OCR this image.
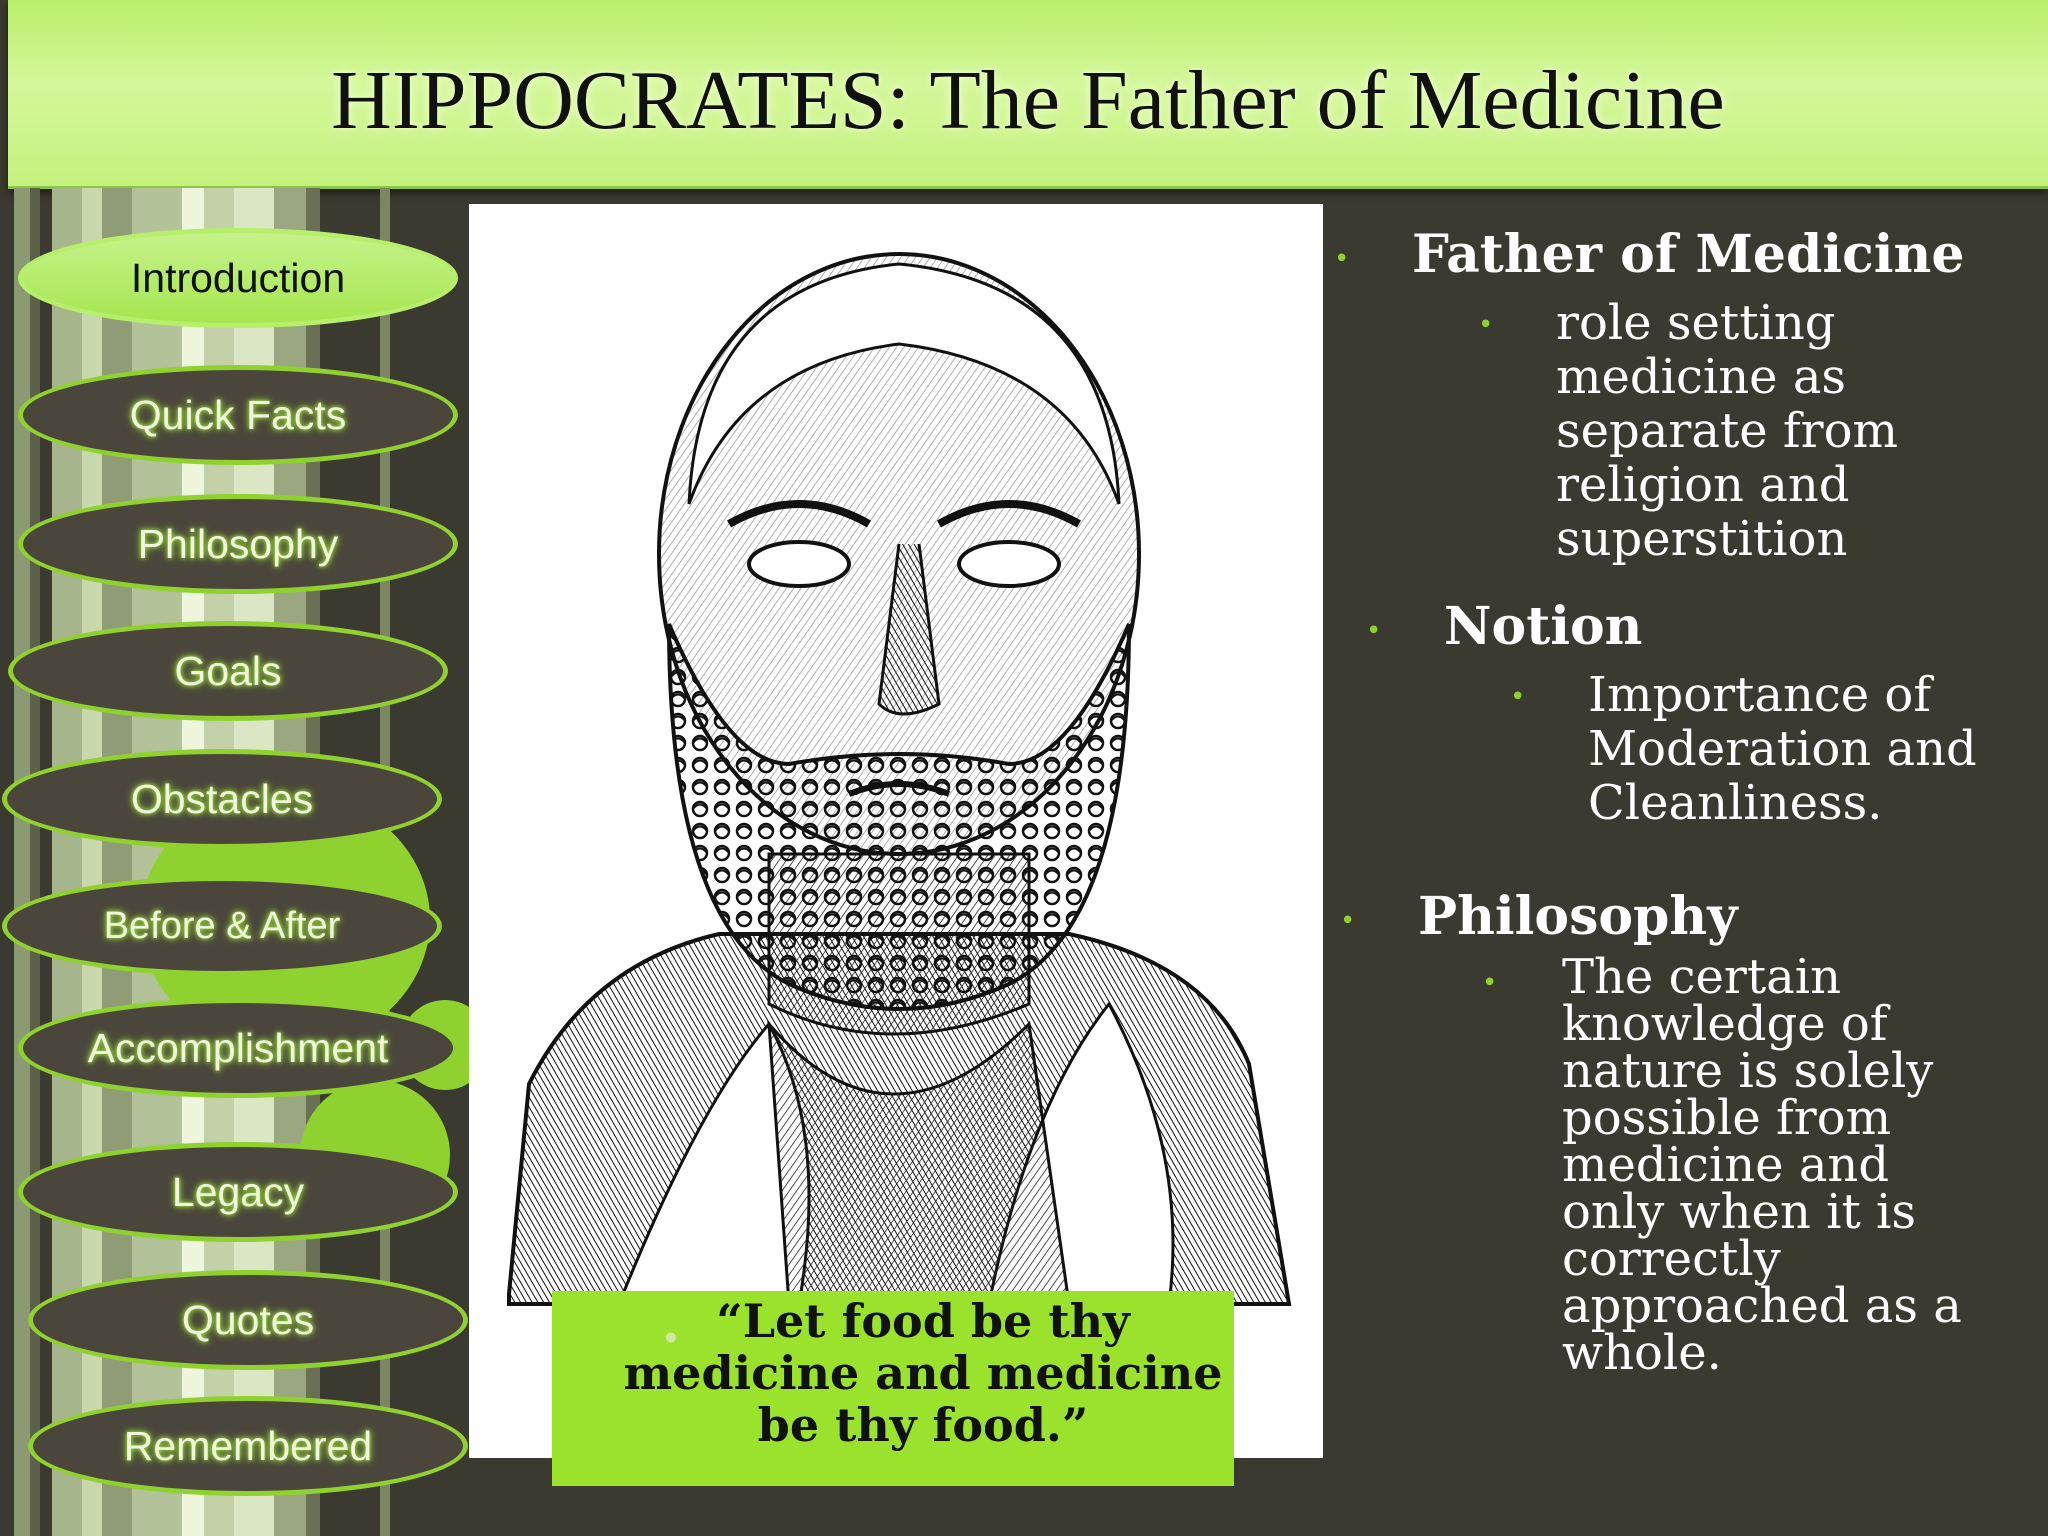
HIPPOCRATES: The Father of Medicine
Introduction
Quick Facts
Philosophy
Goals
Obstacles
Before & After
Accomplishment
Legacy
Quotes
Remembered
• “Let food be thy medicine and medicine be thy food.”
• Father of Medicine
• role setting
medicine as
separate from
religion and
superstition
• Notion
• Importance of
Moderation and
Cleanliness.
• Philosophy
• The certain
knowledge of
nature is solely
possible from
medicine and
only when it is
correctly
approached as a
whole.
